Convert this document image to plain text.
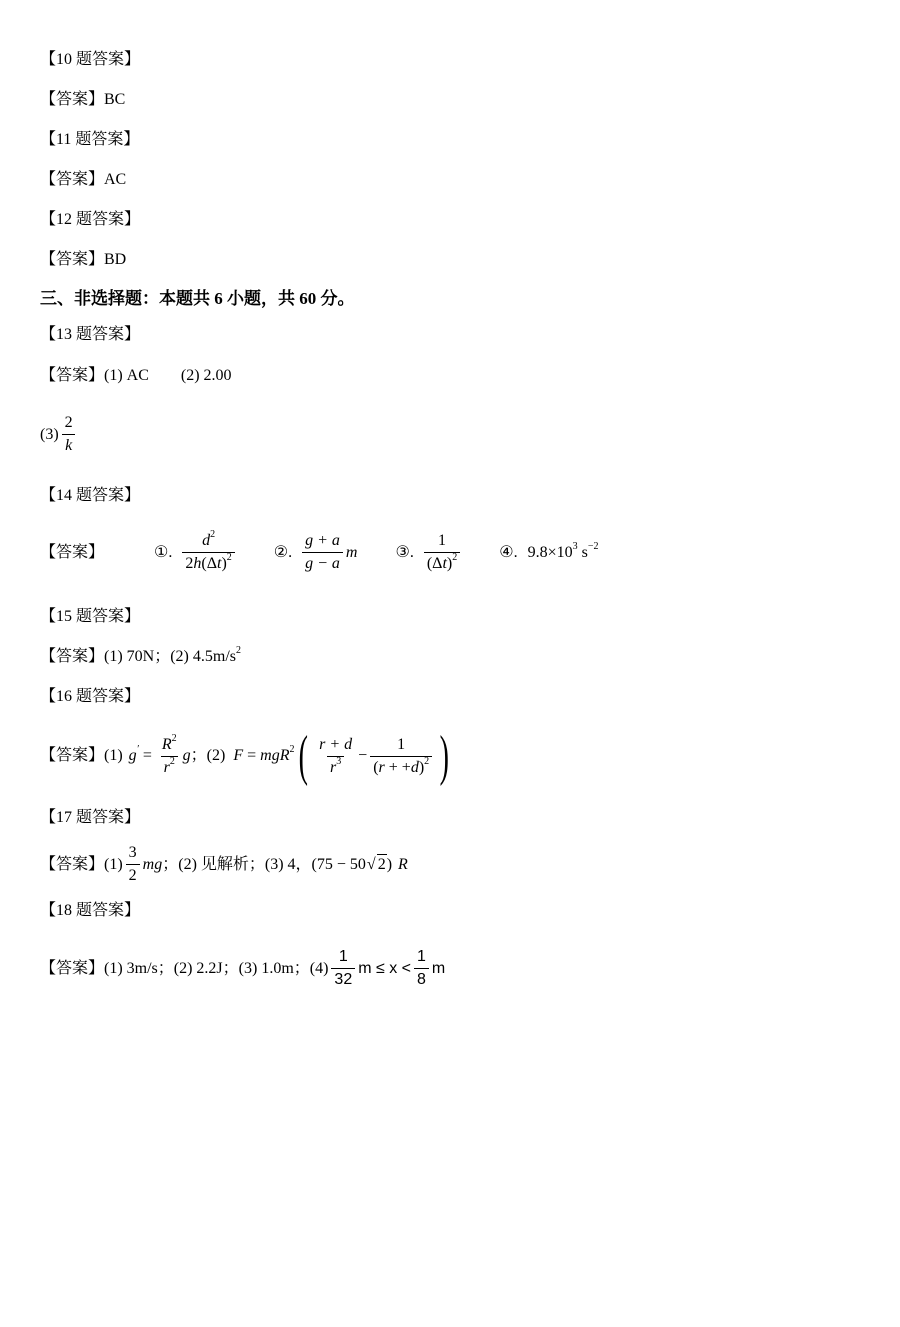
【10 题答案】
【答案】BC
【11 题答案】
【答案】AC
【12 题答案】
【答案】BD
三、非选择题：本题共 6 小题，共 60 分。
【13 题答案】
【答案】(1) AC　　(2) 2.00
$(3) \frac{2}{k}$
【14 题答案】
【答案】	①. $\frac{d^2}{2h(\Delta t)^2}$ ②. $\frac{g + a}{g - a}$ m ③. $\frac{1}{(\Delta t)^2}$ ④. $9.8\times 10^3$ $s^{-2}$
【15 题答案】
【答案】(1) 70N；(2) $4.5m/s^2$
【16 题答案】
【答案】(1) $g' = \frac{R^2}{r^2}$ g ；(2) F = mgR$^2$ ( $\frac{r + d}{r^3} - \frac{1}{(r + +d)^2}$ )
【17 题答案】
【答案】$(1) \frac{3}{2}$ mg ；(2) 见解析；(3) 4，(75 − 50 √ 2 ) R
【18 题答案】
【答案】(1) 3m/s；(2) 2.2J；(3) 1.0m；$(4) \frac{1}{32}$ $m \le x < \frac{1}{8}$ m
